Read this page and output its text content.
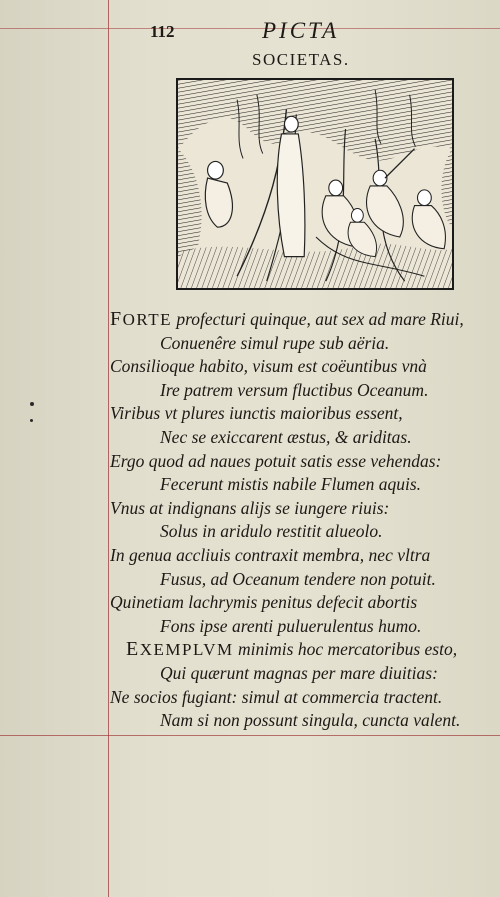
112	PICTA
SOCIETAS.
FORTE profecturi quinque, aut sex ad mare Riui,
Conuenêre simul rupe sub aëria.
Consilioque habito, visum est coëuntibus vnà
Ire patrem versum fluctibus Oceanum.
Viribus vt plures iunctis maioribus essent,
Nec se exiccarent æstus, & ariditas.
Ergo quod ad naues potuit satis esse vehendas:
Fecerunt mistis nabile Flumen aquis.
Vnus at indignans alijs se iungere riuis:
Solus in aridulo restitit alueolo.
In genua accliuis contraxit membra, nec vltra
Fusus, ad Oceanum tendere non potuit.
Quinetiam lachrymis penitus defecit abortis
Fons ipse arenti puluerulentus humo.
EXEMPLVM minimis hoc mercatoribus esto,
Qui quærunt magnas per mare diuitias:
Ne socios fugiant: simul at commercia tractent.
Nam si non possunt singula, cuncta valent.
